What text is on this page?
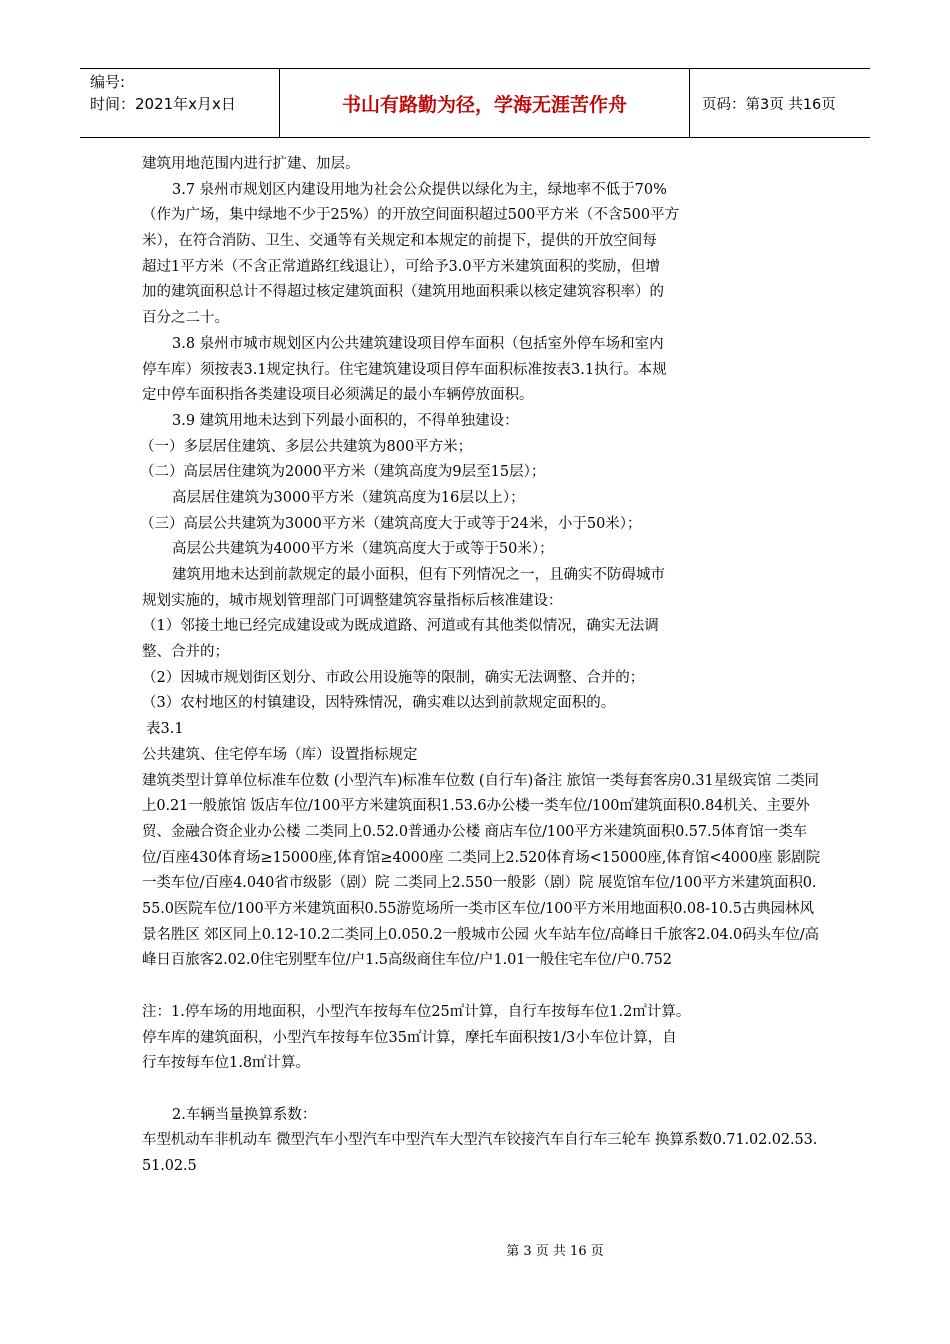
编号:
时间：2021年x月x日	书山有路勤为径，学海无涯苦作舟	页码：第3页 共16页
建筑用地范围内进行扩建、加层。
3.7 泉州市规划区内建设用地为社会公众提供以绿化为主，绿地率不低于70%
（作为广场，集中绿地不少于25%）的开放空间面积超过500平方米（不含500平方
米），在符合消防、卫生、交通等有关规定和本规定的前提下，提供的开放空间每
超过1平方米（不含正常道路红线退让），可给予3.0平方米建筑面积的奖励，但增
加的建筑面积总计不得超过核定建筑面积（建筑用地面积乘以核定建筑容积率）的
百分之二十。
3.8 泉州市城市规划区内公共建筑建设项目停车面积（包括室外停车场和室内
停车库）须按表3.1规定执行。住宅建筑建设项目停车面积标准按表3.1执行。本规
定中停车面积指各类建设项目必须满足的最小车辆停放面积。
3.9 建筑用地未达到下列最小面积的，不得单独建设：
（一）多层居住建筑、多层公共建筑为800平方米；
（二）高层居住建筑为2000平方米（建筑高度为9层至15层）；
高层居住建筑为3000平方米（建筑高度为16层以上）；
（三）高层公共建筑为3000平方米（建筑高度大于或等于24米，小于50米）；
高层公共建筑为4000平方米（建筑高度大于或等于50米）；
建筑用地未达到前款规定的最小面积，但有下列情况之一，且确实不防碍城市
规划实施的，城市规划管理部门可调整建筑容量指标后核准建设：
（1）邻接土地已经完成建设或为既成道路、河道或有其他类似情况，确实无法调
整、合并的；
（2）因城市规划街区划分、市政公用设施等的限制，确实无法调整、合并的；
（3）农村地区的村镇建设，因特殊情况，确实难以达到前款规定面积的。
表3.1
公共建筑、住宅停车场（库）设置指标规定
建筑类型计算单位标准车位数 (小型汽车)标准车位数 (自行车)备注 旅馆一类每套客房0.31星级宾馆 二类同上0.21一般旅馆 饭店车位/100平方米建筑面积1.53.6办公楼一类车位/100㎡建筑面积0.84机关、主要外贸、金融合资企业办公楼 二类同上0.52.0普通办公楼 商店车位/100平方米建筑面积0.57.5体育馆一类车位/百座430体育场≥15000座,体育馆≥4000座 二类同上2.520体育场<15000座,体育馆<4000座 影剧院一类车位/百座4.040省市级影（剧）院 二类同上2.550一般影（剧）院 展览馆车位/100平方米建筑面积0.55.0医院车位/100平方米建筑面积0.55游览场所一类市区车位/100平方米用地面积0.08-10.5古典园林风景名胜区 郊区同上0.12-10.2二类同上0.050.2一般城市公园 火车站车位/高峰日千旅客2.04.0码头车位/高峰日百旅客2.02.0住宅别墅车位/户1.5高级商住车位/户1.01一般住宅车位/户0.752
注：1.停车场的用地面积，小型汽车按每车位25㎡计算，自行车按每车位1.2㎡计算。
停车库的建筑面积，小型汽车按每车位35㎡计算，摩托车面积按1/3小车位计算，自
行车按每车位1.8㎡计算。
2.车辆当量换算系数：
车型机动车非机动车 微型汽车小型汽车中型汽车大型汽车铰接汽车自行车三轮车 换算系数0.71.02.02.53.51.02.5
第 3 页 共 16 页
